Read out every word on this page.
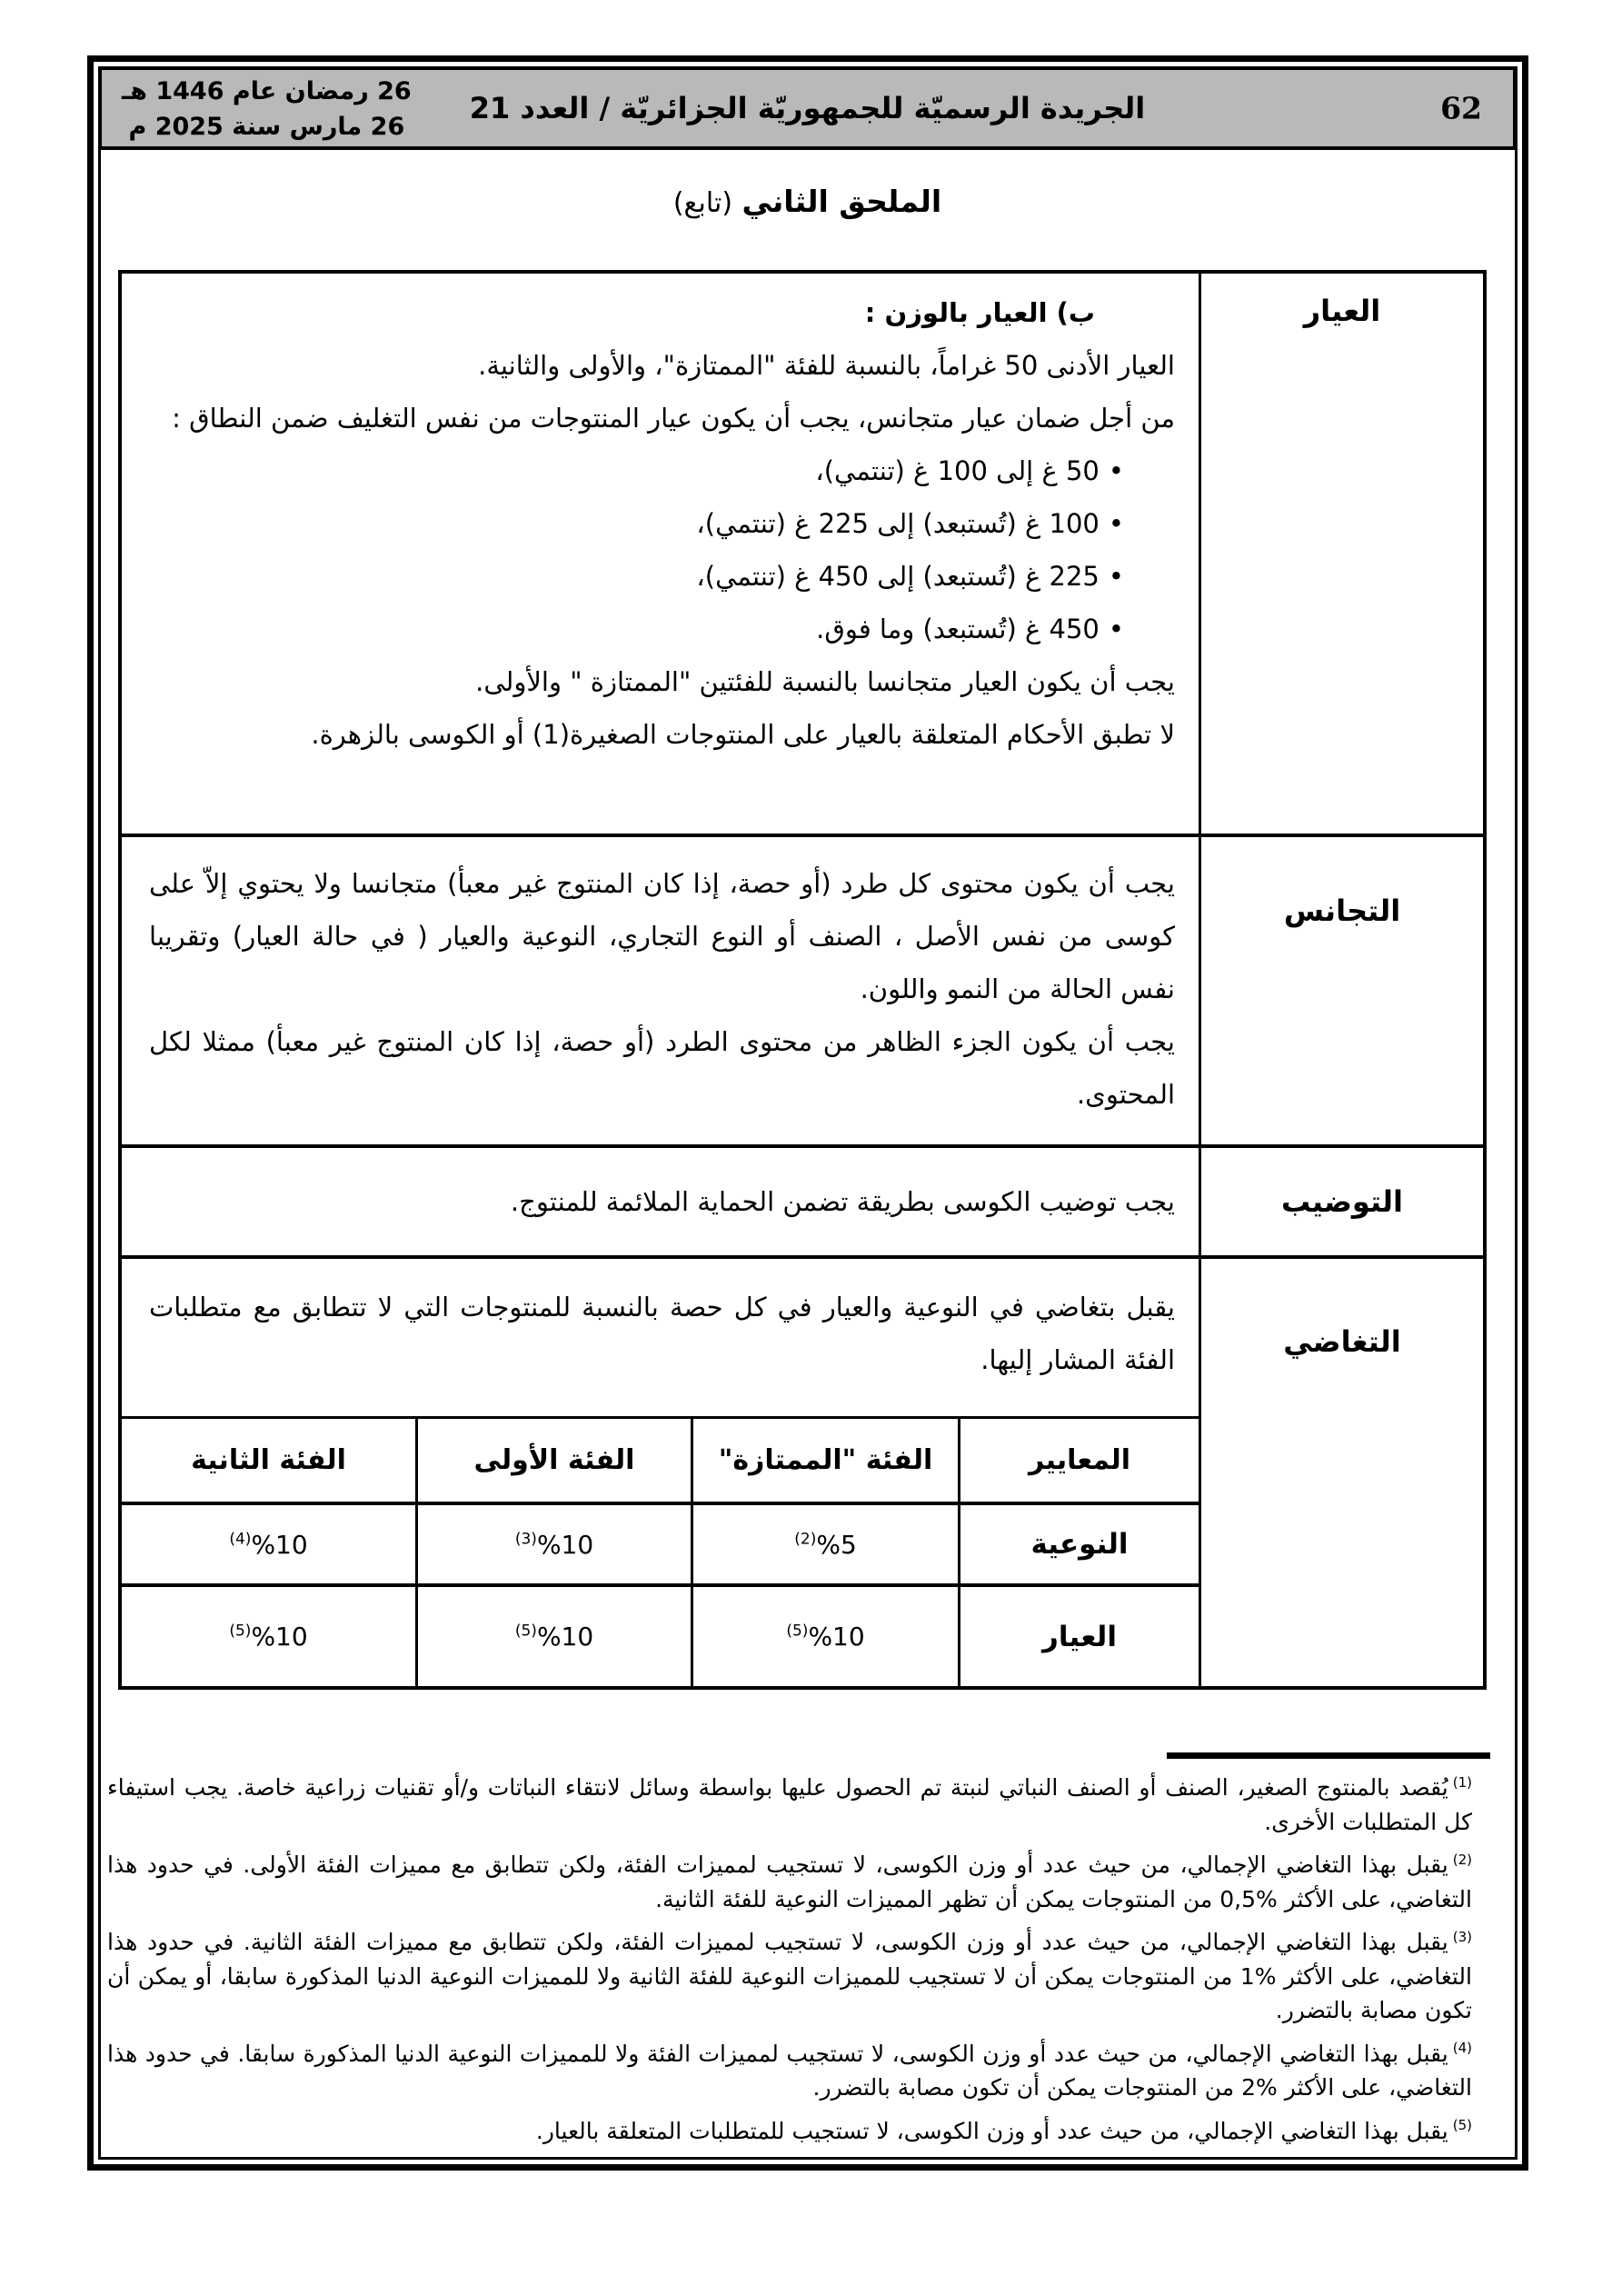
26 رمضان عام 1446 هـ
26 مارس سنة 2025 م
الجريدة الرسميّة للجمهوريّة الجزائريّة / العدد 21	62
الملحق الثاني (تابع)
العيار
ب) العيار بالوزن :

العيار الأدنى 50 غراماً، بالنسبة للفئة "الممتازة"، والأولى والثانية.

من أجل ضمان عيار متجانس، يجب أن يكون عيار المنتوجات من نفس التغليف ضمن النطاق :

•50 غ إلى 100 غ (تنتمي)،
•100 غ (تُستبعد) إلى 225 غ (تنتمي)،
•225 غ (تُستبعد) إلى 450 غ (تنتمي)،
•450 غ (تُستبعد) وما فوق.

يجب أن يكون العيار متجانسا بالنسبة للفئتين "الممتازة " والأولى.

لا تطبق الأحكام المتعلقة بالعيار على المنتوجات الصغيرة(1) أو الكوسى بالزهرة.

التجانس

يجب أن يكون محتوى كل طرد (أو حصة، إذا كان المنتوج غير معبأ) متجانسا ولا يحتوي إلاّ على كوسى من نفس الأصل ، الصنف أو النوع التجاري، النوعية والعيار ( في حالة العيار) وتقريبا نفس الحالة من النمو واللون.

يجب أن يكون الجزء الظاهر من محتوى الطرد (أو حصة، إذا كان المنتوج غير معبأ) ممثلا لكل المحتوى.

التوضيب

يجب توضيب الكوسى بطريقة تضمن الحماية الملائمة للمنتوج.

التغاضي

يقبل بتغاضي في النوعية والعيار في كل حصة بالنسبة للمنتوجات التي لا تتطابق مع متطلبات الفئة المشار إليها.

المعايير
الفئة "الممتازة"
الفئة الأولى
الفئة الثانية
النوعية
$^{(2)}$%5
$^{(3)}$%10
$^{(4)}$%10
العيار
$^{(5)}$%10
$^{(5)}$%10
$^{(5)}$%10

$^{(1)}$يُقصد بالمنتوج الصغير، الصنف أو الصنف النباتي لنبتة تم الحصول عليها بواسطة وسائل لانتقاء النباتات و/أو تقنيات زراعية خاصة. يجب استيفاء كل المتطلبات الأخرى.

$^{(2)}$يقبل بهذا التغاضي الإجمالي، من حيث عدد أو وزن الكوسى، لا تستجيب لمميزات الفئة، ولكن تتطابق مع مميزات الفئة الأولى. في حدود هذا التغاضي، على الأكثر %0,5 من المنتوجات يمكن أن تظهر المميزات النوعية للفئة الثانية.

$^{(3)}$يقبل بهذا التغاضي الإجمالي، من حيث عدد أو وزن الكوسى، لا تستجيب لمميزات الفئة، ولكن تتطابق مع مميزات الفئة الثانية. في حدود هذا التغاضي، على الأكثر %1 من المنتوجات يمكن أن لا تستجيب للمميزات النوعية للفئة الثانية ولا للمميزات النوعية الدنيا المذكورة سابقا، أو يمكن أن تكون مصابة بالتضرر.

$^{(4)}$يقبل بهذا التغاضي الإجمالي، من حيث عدد أو وزن الكوسى، لا تستجيب لمميزات الفئة ولا للمميزات النوعية الدنيا المذكورة سابقا. في حدود هذا التغاضي، على الأكثر %2 من المنتوجات يمكن أن تكون مصابة بالتضرر.

$^{(5)}$يقبل بهذا التغاضي الإجمالي، من حيث عدد أو وزن الكوسى، لا تستجيب للمتطلبات المتعلقة بالعيار.
